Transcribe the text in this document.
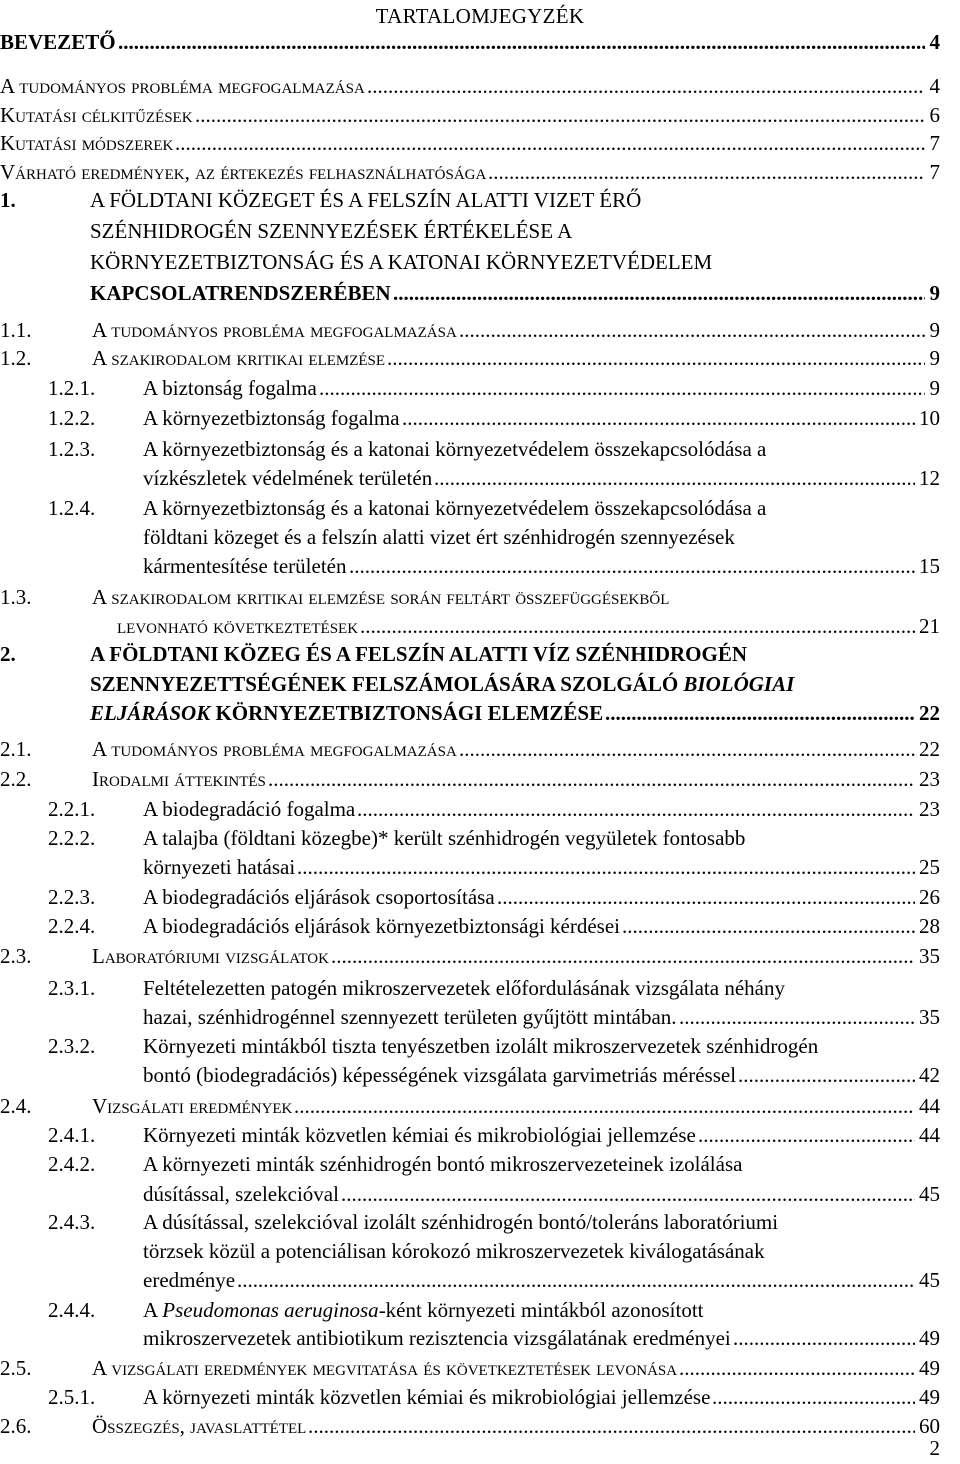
TARTALOMJEGYZÉK
BEVEZETŐ	4
.....
A tudományos probléma megfogalmazása	4
.....
Kutatási célkitűzések	6
.....
Kutatási módszerek	7
.....
Várható eredmények, az értekezés felhasználhatósága	7
.....
1.	A FÖLDTANI KÖZEGET ÉS A FELSZÍN ALATTI VIZET ÉRŐ
SZÉNHIDROGÉN SZENNYEZÉSEK ÉRTÉKELÉSE A
KÖRNYEZETBIZTONSÁG ÉS A KATONAI KÖRNYEZETVÉDELEM
KAPCSOLATRENDSZERÉBEN	9
.....
1.1.	A tudományos probléma megfogalmazása	9
.....
1.2.	A szakirodalom kritikai elemzése	9
.....
1.2.1. A biztonság fogalma	9
.....
1.2.2. A környezetbiztonság fogalma	10
.....
1.2.3. A környezetbiztonság és a katonai környezetvédelem összekapcsolódása a
vízkészletek védelmének területén	12
.....
1.2.4. A környezetbiztonság és a katonai környezetvédelem összekapcsolódása a
földtani közeget és a felszín alatti vizet ért szénhidrogén szennyezések
kármentesítése területén	15
.....
1.3.	A szakirodalom kritikai elemzése során feltárt összefüggésekből
levonható következtetések	21
.....
2.	A FÖLDTANI KÖZEG ÉS A FELSZÍN ALATTI VÍZ SZÉNHIDROGÉN
SZENNYEZETTSÉGÉNEK FELSZÁMOLÁSÁRA SZOLGÁLÓ BIOLÓGIAI
ELJÁRÁSOK KÖRNYEZETBIZTONSÁGI ELEMZÉSE	22
.....
2.1.	A tudományos probléma megfogalmazása	22
.....
2.2.	Irodalmi áttekintés	23
.....
2.2.1. A biodegradáció fogalma	23
.....
2.2.2. A talajba (földtani közegbe)* került szénhidrogén vegyületek fontosabb
környezeti hatásai	25
.....
2.2.3. A biodegradációs eljárások csoportosítása	26
.....
2.2.4. A biodegradációs eljárások környezetbiztonsági kérdései	28
.....
2.3.	Laboratóriumi vizsgálatok	35
.....
2.3.1. Feltételezetten patogén mikroszervezetek előfordulásának vizsgálata néhány
hazai, szénhidrogénnel szennyezett területen gyűjtött mintában.	35
.....
2.3.2. Környezeti mintákból tiszta tenyészetben izolált mikroszervezetek szénhidrogén
bontó (biodegradációs) képességének vizsgálata garvimetriás méréssel	42
.....
2.4.	Vizsgálati eredmények	44
.....
2.4.1. Környezeti minták közvetlen kémiai és mikrobiológiai jellemzése	44
.....
2.4.2. A környezeti minták szénhidrogén bontó mikroszervezeteinek izolálása
dúsítással, szelekcióval	45
.....
2.4.3. A dúsítással, szelekcióval izolált szénhidrogén bontó/toleráns laboratóriumi
törzsek közül a potenciálisan kórokozó mikroszervezetek kiválogatásának
eredménye	45
.....
2.4.4. A Pseudomonas aeruginosa-ként környezeti mintákból azonosított
mikroszervezetek antibiotikum rezisztencia vizsgálatának eredményei	49
.....
2.5.	A vizsgálati eredmények megvitatása és következtetések levonása	49
.....
2.5.1. A környezeti minták közvetlen kémiai és mikrobiológiai jellemzése	49
.....
2.6.	Összegzés, javaslattétel	60
.....
2
